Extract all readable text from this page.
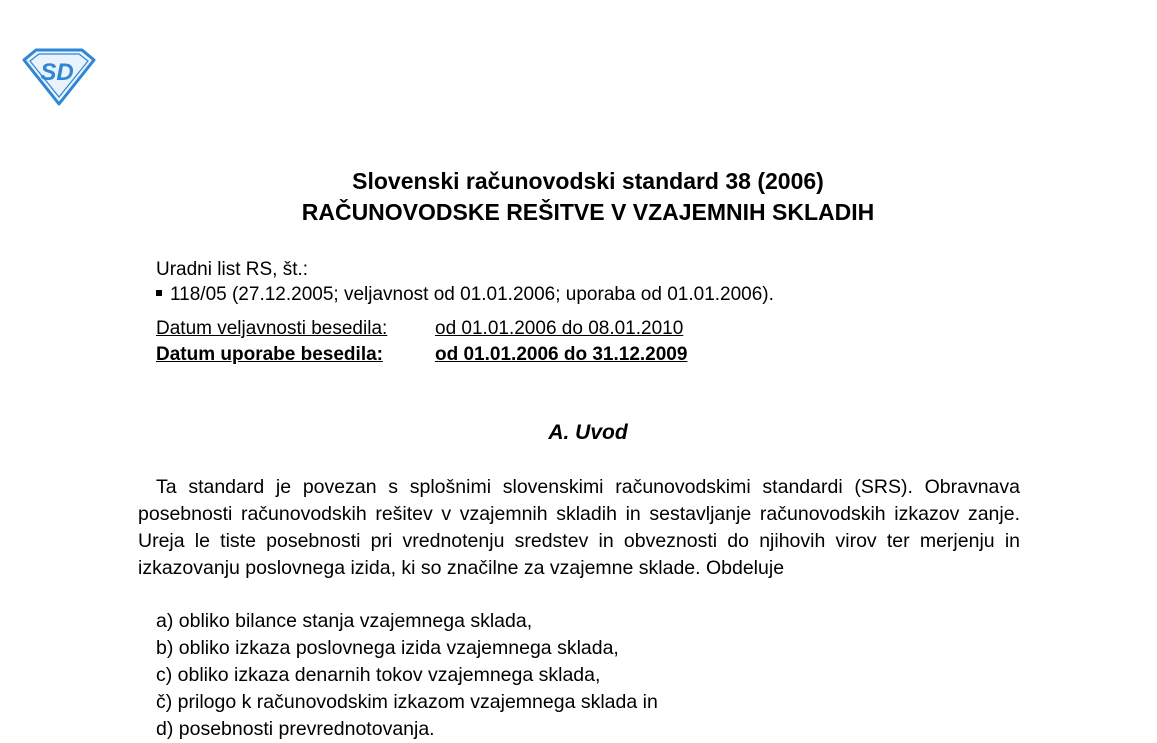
SD
Slovenski računovodski standard 38 (2006)
RAČUNOVODSKE REŠITVE V VZAJEMNIH SKLADIH
Uradni list RS, št.:
118/05 (27.12.2005; veljavnost od 01.01.2006; uporaba od 01.01.2006).
Datum veljavnosti besedila:	od 01.01.2006 do 08.01.2010
Datum uporabe besedila:	od 01.01.2006 do 31.12.2009
A. Uvod
Ta standard je povezan s splošnimi slovenskimi računovodskimi standardi (SRS). Obravnava posebnosti računovodskih rešitev v vzajemnih skladih in sestavljanje računovodskih izkazov zanje. Ureja le tiste posebnosti pri vrednotenju sredstev in obveznosti do njihovih virov ter merjenju in izkazovanju poslovnega izida, ki so značilne za vzajemne sklade. Obdeluje
a) obliko bilance stanja vzajemnega sklada,
b) obliko izkaza poslovnega izida vzajemnega sklada,
c) obliko izkaza denarnih tokov vzajemnega sklada,
č) prilogo k računovodskim izkazom vzajemnega sklada in
d) posebnosti prevrednotovanja.
